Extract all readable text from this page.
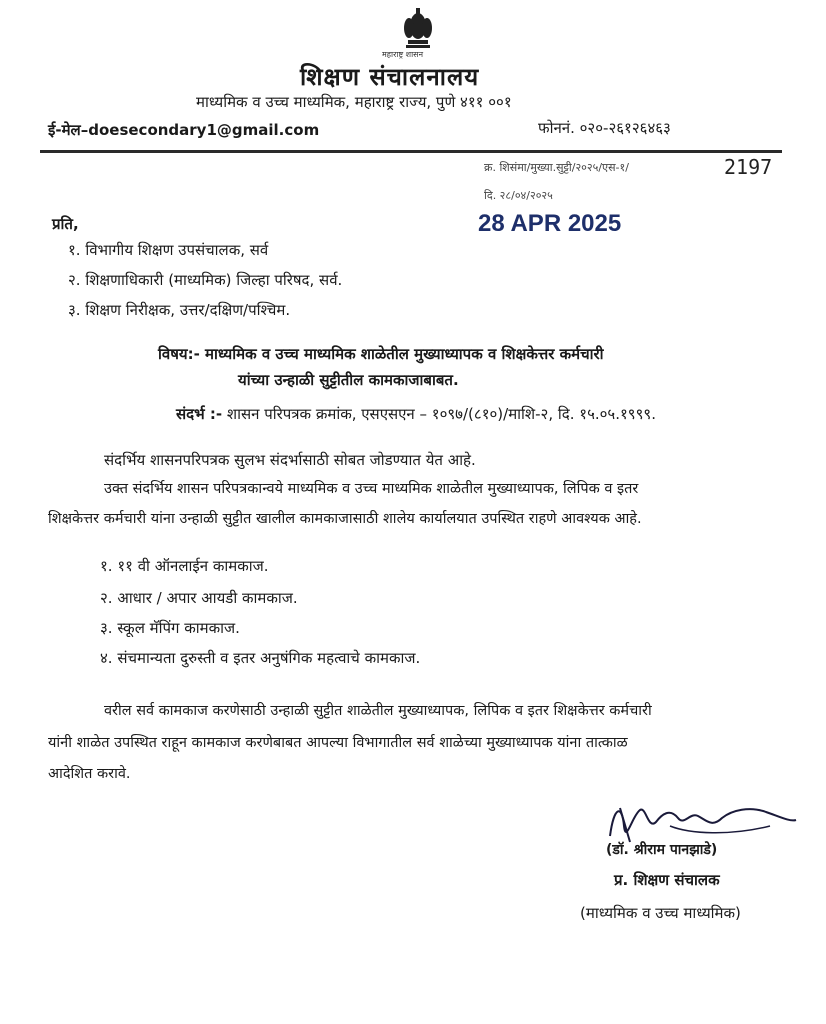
महाराष्ट्र शासन
शिक्षण संचालनालय
माध्यमिक व उच्च माध्यमिक, महाराष्ट्र राज्य, पुणे ४११ ००१
ई-मेल–doesecondary1@gmail.com	फोननं. ०२०-२६१२६४६३
क्र. शिसंमा/मुख्या.सुट्टी/२०२५/एस-१/	2197
दि. २८/०४/२०२५
28 APR 2025
प्रति,
१. विभागीय शिक्षण उपसंचालक, सर्व
२. शिक्षणाधिकारी (माध्यमिक) जिल्हा परिषद, सर्व.
३. शिक्षण निरीक्षक, उत्तर/दक्षिण/पश्चिम.
विषय:- माध्यमिक व उच्च माध्यमिक शाळेतील मुख्याध्यापक व शिक्षकेत्तर कर्मचारी
यांच्या उन्हाळी सुट्टीतील कामकाजाबाबत.
संदर्भ :- शासन परिपत्रक क्रमांक, एसएसएन – १०९७/(८१०)/माशि-२, दि. १५.०५.१९९९.
संदर्भिय शासनपरिपत्रक सुलभ संदर्भासाठी सोबत जोडण्यात येत आहे.
उक्त संदर्भिय शासन परिपत्रकान्वये माध्यमिक व उच्च माध्यमिक शाळेतील मुख्याध्यापक, लिपिक व इतर
शिक्षकेत्तर कर्मचारी यांना उन्हाळी सुट्टीत खालील कामकाजासाठी शालेय कार्यालयात उपस्थित राहणे आवश्यक आहे.
१. ११ वी ऑनलाईन कामकाज.
२. आधार / अपार आयडी कामकाज.
३. स्कूल मॅपिंग कामकाज.
४. संचमान्यता दुरुस्ती व इतर अनुषंगिक महत्वाचे कामकाज.
वरील सर्व कामकाज करणेसाठी उन्हाळी सुट्टीत शाळेतील मुख्याध्यापक, लिपिक व इतर शिक्षकेत्तर कर्मचारी
यांनी शाळेत उपस्थित राहून कामकाज करणेबाबत आपल्या विभागातील सर्व शाळेच्या मुख्याध्यापक यांना तात्काळ
आदेशित करावे.
(डॉ. श्रीराम पानझाडे)
प्र. शिक्षण संचालक
(माध्यमिक व उच्च माध्यमिक)
